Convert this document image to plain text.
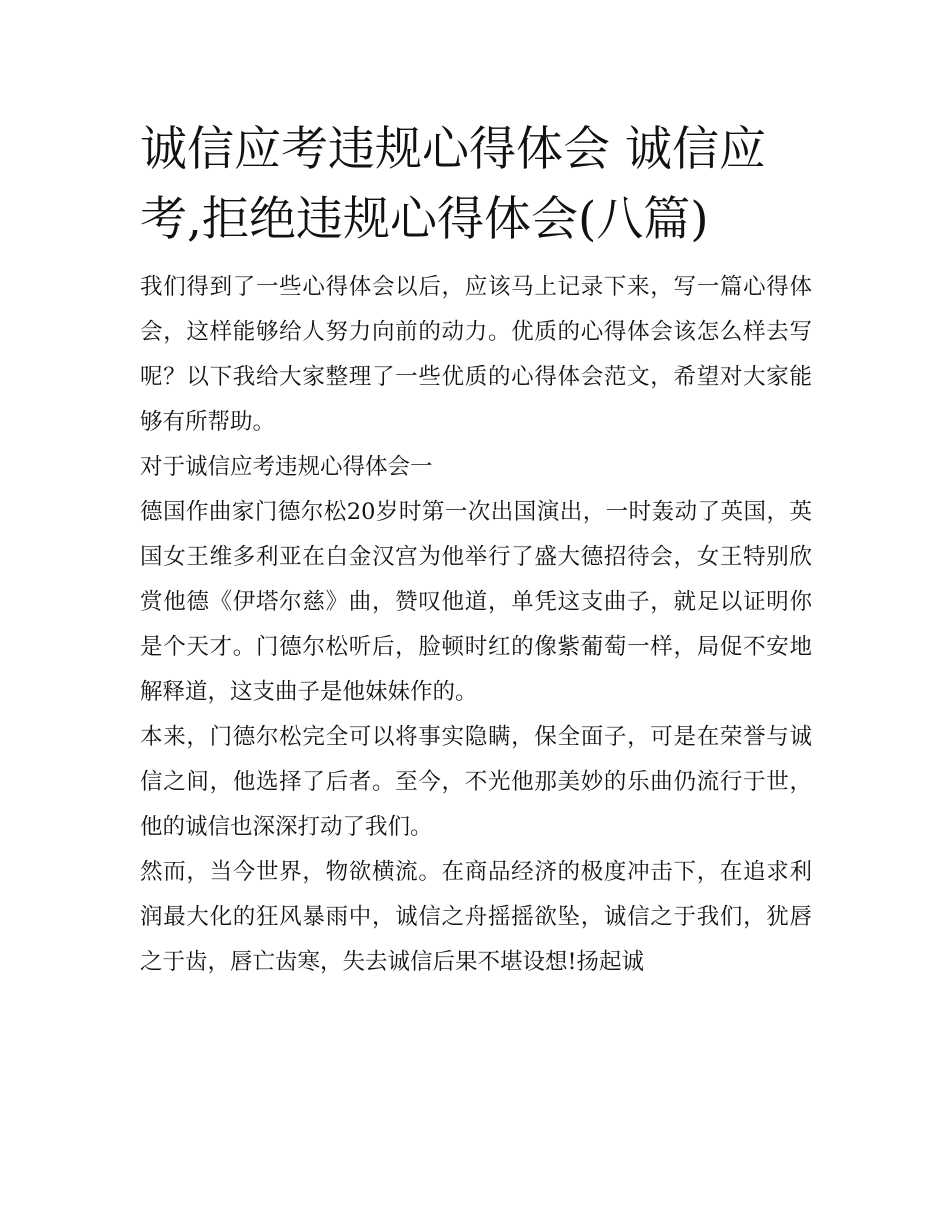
诚信应考违规心得体会 诚信应考,拒绝违规心得体会(八篇)

我们得到了一些心得体会以后，应该马上记录下来，写一篇心得体会，这样能够给人努力向前的动力。优质的心得体会该怎么样去写呢？以下我给大家整理了一些优质的心得体会范文，希望对大家能够有所帮助。

对于诚信应考违规心得体会一

德国作曲家门德尔松20岁时第一次出国演出，一时轰动了英国，英国女王维多利亚在白金汉宫为他举行了盛大德招待会，女王特别欣赏他德《伊塔尔慈》曲，赞叹他道，单凭这支曲子，就足以证明你是个天才。门德尔松听后，脸顿时红的像紫葡萄一样，局促不安地解释道，这支曲子是他妹妹作的。

本来，门德尔松完全可以将事实隐瞒，保全面子，可是在荣誉与诚信之间，他选择了后者。至今，不光他那美妙的乐曲仍流行于世，他的诚信也深深打动了我们。

然而，当今世界，物欲横流。在商品经济的极度冲击下，在追求利润最大化的狂风暴雨中，诚信之舟摇摇欲坠，诚信之于我们，犹唇之于齿，唇亡齿寒，失去诚信后果不堪设想!扬起诚
